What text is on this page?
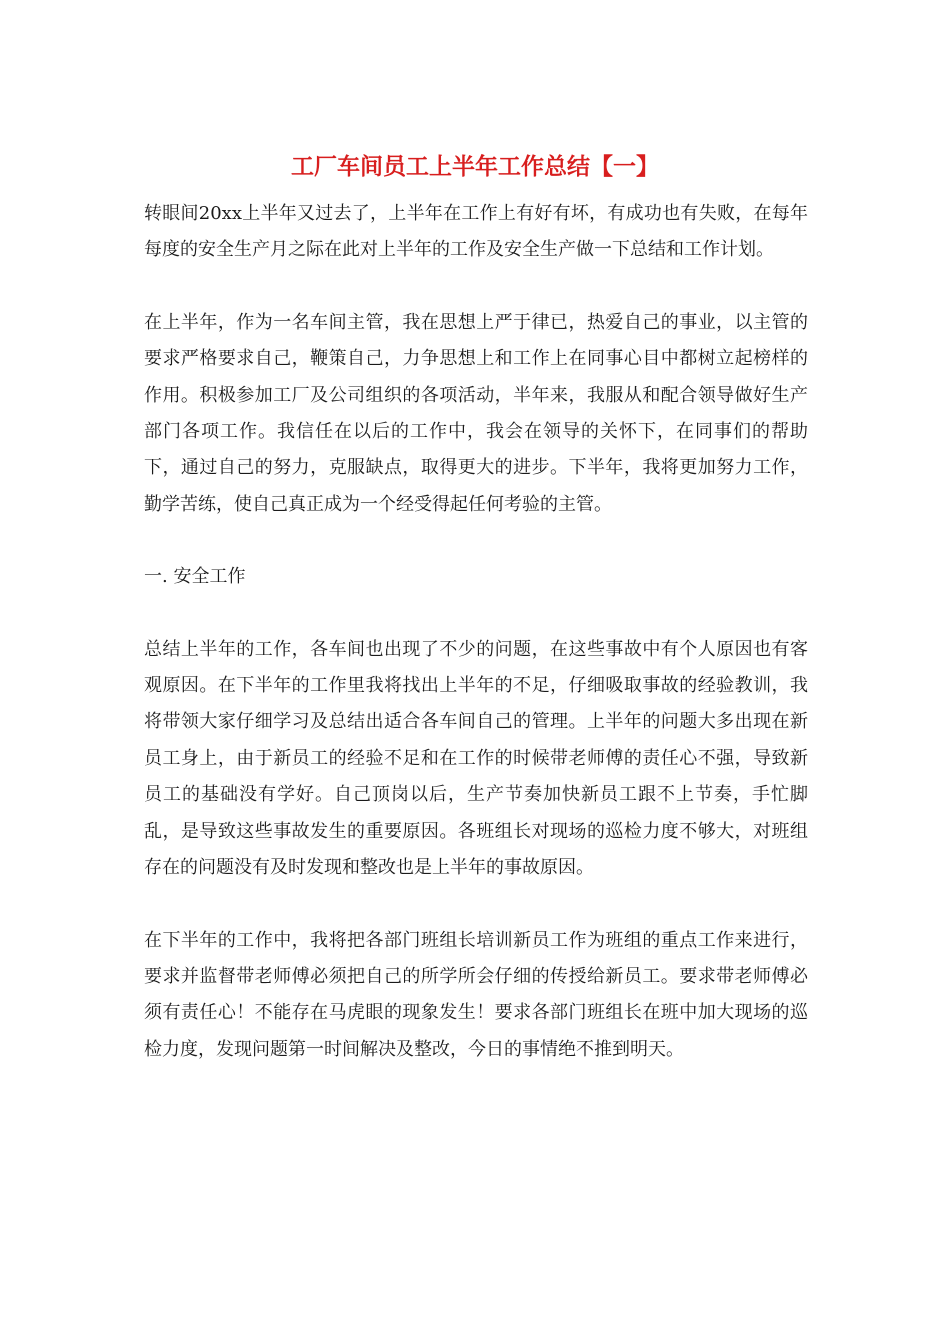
工厂车间员工上半年工作总结【一】

转眼间20xx上半年又过去了，上半年在工作上有好有坏，有成功也有失败，在每年每度的安全生产月之际在此对上半年的工作及安全生产做一下总结和工作计划。

在上半年，作为一名车间主管，我在思想上严于律已，热爱自己的事业，以主管的要求严格要求自己，鞭策自己，力争思想上和工作上在同事心目中都树立起榜样的作用。积极参加工厂及公司组织的各项活动，半年来，我服从和配合领导做好生产部门各项工作。我信任在以后的工作中，我会在领导的关怀下，在同事们的帮助下，通过自己的努力，克服缺点，取得更大的进步。下半年，我将更加努力工作，勤学苦练，使自己真正成为一个经受得起任何考验的主管。

一. 安全工作

总结上半年的工作，各车间也出现了不少的问题，在这些事故中有个人原因也有客观原因。在下半年的工作里我将找出上半年的不足，仔细吸取事故的经验教训，我将带领大家仔细学习及总结出适合各车间自己的管理。上半年的问题大多出现在新员工身上，由于新员工的经验不足和在工作的时候带老师傅的责任心不强，导致新员工的基础没有学好。自己顶岗以后，生产节奏加快新员工跟不上节奏，手忙脚乱，是导致这些事故发生的重要原因。各班组长对现场的巡检力度不够大，对班组存在的问题没有及时发现和整改也是上半年的事故原因。

在下半年的工作中，我将把各部门班组长培训新员工作为班组的重点工作来进行，要求并监督带老师傅必须把自己的所学所会仔细的传授给新员工。要求带老师傅必须有责任心！不能存在马虎眼的现象发生！要求各部门班组长在班中加大现场的巡检力度，发现问题第一时间解决及整改，今日的事情绝不推到明天。
